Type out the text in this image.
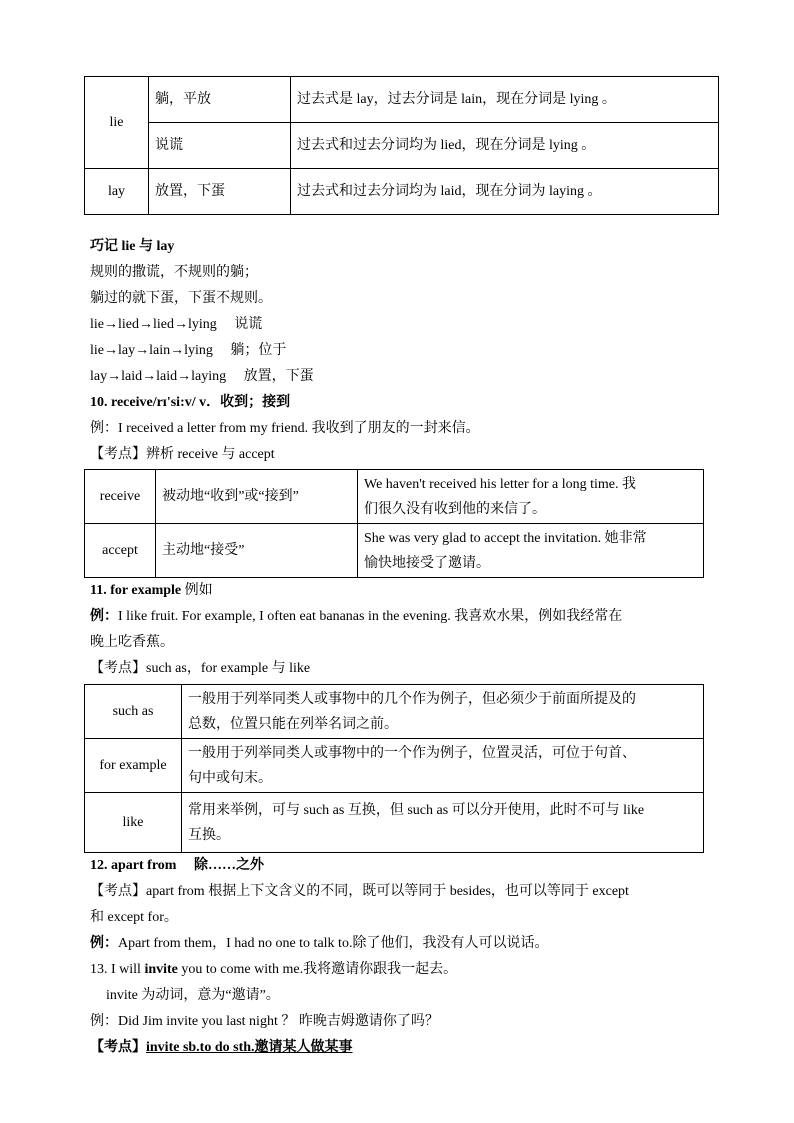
lie	躺，平放	过去式是 lay，过去分词是 lain，现在分词是 lying 。
	说谎	过去式和过去分词均为 lied，现在分词是 lying 。
lay	放置，下蛋	过去式和过去分词均为 laid，现在分词为 laying 。
巧记 lie 与 lay
规则的撒谎，不规则的躺；
躺过的就下蛋，下蛋不规则。
lie→lied→lied→lying　 说谎
lie→lay→lain→lying　 躺；位于
lay→laid→laid→laying　 放置，下蛋
10. receive/rɪ'si:v/ v．收到；接到
例：I received a letter from my friend. 我收到了朋友的一封来信。
【考点】辨析 receive 与 accept
receive	被动地“收到”或“接到”	We haven't received his letter for a long time. 我
们很久没有收到他的来信了。

accept	主动地“接受”	She was very glad to accept the invitation. 她非常
愉快地接受了邀请。
11. for example 例如
例：I like fruit. For example, I often eat bananas in the evening. 我喜欢水果，例如我经常在
晚上吃香蕉。
【考点】such as，for example 与 like
such as	一般用于列举同类人或事物中的几个作为例子，但必须少于前面所提及的
总数，位置只能在列举名词之前。

for example	一般用于列举同类人或事物中的一个作为例子，位置灵活，可位于句首、
句中或句末。

like	常用来举例，可与 such as 互换，但 such as 可以分开使用，此时不可与 like
互换。
12. apart from　 除……之外
【考点】apart from 根据上下文含义的不同，既可以等同于 besides，也可以等同于 except
和 except for。
例：Apart from them，I had no one to talk to.除了他们，我没有人可以说话。
13. I will invite you to come with me.我将邀请你跟我一起去。
invite 为动词，意为“邀请”。
例：Did Jim invite you last night ？ 昨晚吉姆邀请你了吗？
【考点】invite sb.to do sth.邀请某人做某事
